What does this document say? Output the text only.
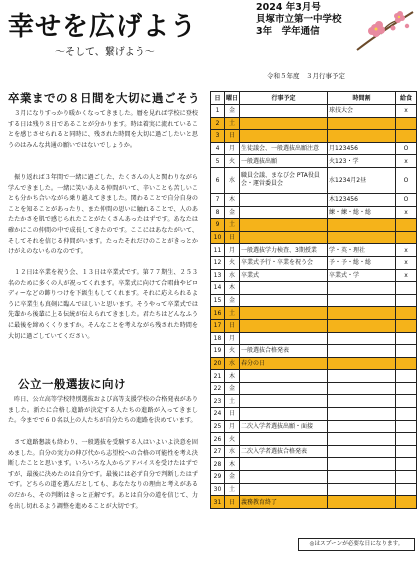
幸せを広げよう
～そして、繋げよう～
2024 年3月号
貝塚市立第一中学校
3年　学年通信
令和５年度　３月行事予定
卒業までの８日間を大切に過ごそう

３月になりすっかり暖かくなってきました。暦を見れば学校に登校する日は残り８日であることが分かります。時は着実に流れていることを感じさせられると同時に、残された時間を大切に過ごしたいと思うのはみんな共通の願いではないでしょうか。

振り返れば３年間で一緒に過ごした、たくさんの人と関わりながら学んできました。一緒に笑いあえる仲間がいて、辛いことも苦しいことも分かち合いながら乗り越えてきました。関わることで自分自身のことを知ることがあったり、また仲間の思いに触れることで、人のあたたかさを肌で感じられたことがたくさんあったはずです。あなたは確かにこの仲間の中で成長してきたのです。ここにはあなたがいて、そしてそれを信じる仲間がいます。たったそれだけのことがきっとかけがえのないものなのです。

１２日は卒業を祝う会、１３日は卒業式です。第７７期生、２５３名のために多くの人が祝ってくれます。卒業式に向けて合唱曲やピロディーなどの飾りつけを下級生もしてくれます。それに応えられるように卒業生も真剣に臨んでほしいと思います。そうやって卒業式では先輩から後輩に上る伝統が伝えられてきました。君たちはどんなふうに最後を締めくくりますか。そんなことを考えながら残された時間を大切に過ごしていてください。

公立一般選抜に向け

昨日、公立高等学校特別選抜および高等支援学校の合格発表がありました。新たに合格し進路が決定する人たちの進路が入ってきました。今までで６０名以上の人たちが自分たちの進路を決めています。

さて進路懇談も終わり、一般選抜を受験する人はいよいよ決意を固めました。自分の実力の伸び代から志望校への合格の可能性を考え決断したことと思います。いろいろな人からアドバイスを受けたはずですが、最後に決めたのは自分です。最後には必ず自分で判断したはずです。どちらの道を選んだとしても、あなたなりの理由と考えがあるのだから、その判断はきっと正解です。あとは自分の道を信じて、力を出し切れるよう調整を進めることが大切です。

日	曜日	行事予定	時間割	給食
1	金		球技大会	x
2	土			
3	日			
4	月	生徒議会、一般選抜出願注意	月123456	O
5	火	一般選抜出願	火123・学	x
6	水	職員会議、まなび会 PTA役員会・運営委員会	水1234月2昼	O
7	木		木123456	O
8	金		練・練・総・総	x
9	土			
10	日			
11	月	一般選抜学力検査、3期授業	学・英・理社	x
12	火	卒業式予行・卒業を祝う会	予・予・総・総	x
13	水	卒業式	卒業式・学	x
14	木			
15	金			
16	土			
17	日			
18	月			
19	火	一般選抜合格発表		
20	水	春分の日		
21	木			
22	金			
23	土			
24	日			
25	月	二次入学者選抜出願・面接		
26	火			
27	水	二次入学者選抜合格発表		
28	木			
29	金			
30	土			
31	日	義務教育終了		
◎はスプーンが必要な日になります。
